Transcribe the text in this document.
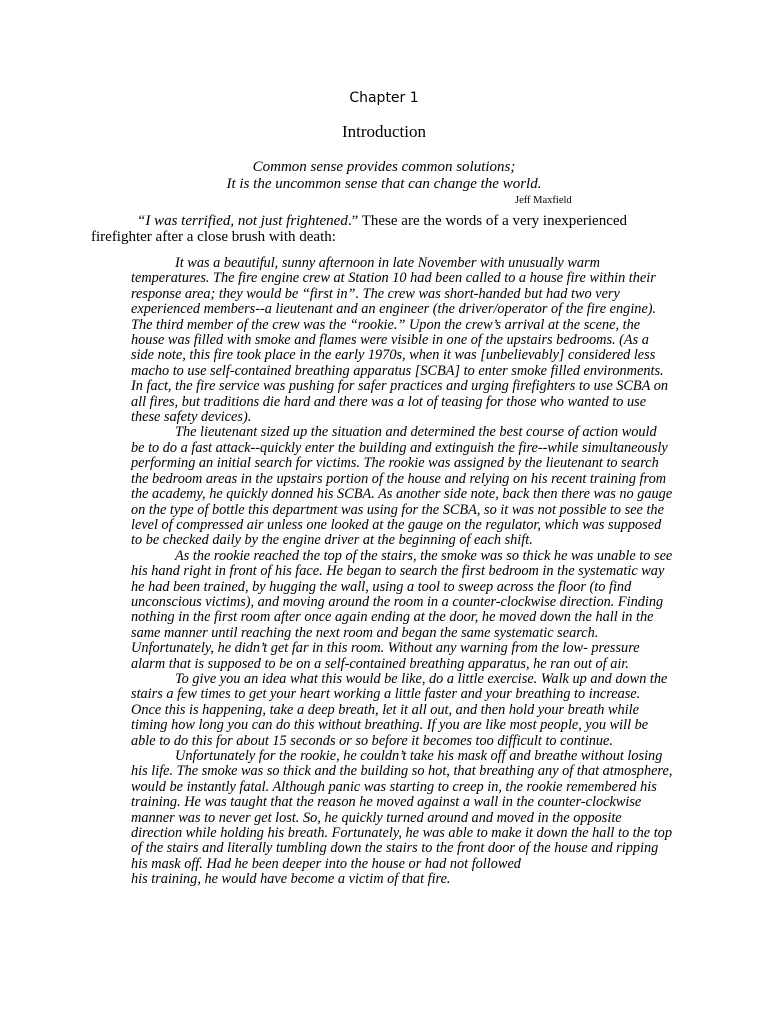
Chapter 1
Introduction
Common sense provides common solutions;
It is the uncommon sense that can change the world.
Jeff Maxfield
“I was terrified, not just frightened.” These are the words of a very inexperienced
firefighter after a close brush with death:

It was a beautiful, sunny afternoon in late November with unusually warm temperatures. The fire engine crew at Station 10 had been called to a house fire within their response area; they would be “first in”. The crew was short-handed but had two very experienced members--a lieutenant and an engineer (the driver/operator of the fire engine). The third member of the crew was the “rookie.” Upon the crew’s arrival at the scene, the house was filled with smoke and flames were visible in one of the upstairs bedrooms. (As a side note, this fire took place in the early 1970s, when it was [unbelievably] considered less macho to use self-contained breathing apparatus [SCBA] to enter smoke filled environments. In fact, the fire service was pushing for safer practices and urging firefighters to use SCBA on all fires, but traditions die hard and there was a lot of teasing for those who wanted to use these safety devices).

The lieutenant sized up the situation and determined the best course of action would be to do a fast attack--quickly enter the building and extinguish the fire--while simultaneously performing an initial search for victims. The rookie was assigned by the lieutenant to search the bedroom areas in the upstairs portion of the house and relying on his recent training from the academy, he quickly donned his SCBA. As another side note, back then there was no gauge on the type of bottle this department was using for the SCBA, so it was not possible to see the level of compressed air unless one looked at the gauge on the regulator, which was supposed to be checked daily by the engine driver at the beginning of each shift.

As the rookie reached the top of the stairs, the smoke was so thick he was unable to see his hand right in front of his face. He began to search the first bedroom in the systematic way he had been trained, by hugging the wall, using a tool to sweep across the floor (to find unconscious victims), and moving around the room in a counter-clockwise direction. Finding nothing in the first room after once again ending at the door, he moved down the hall in the same manner until reaching the next room and began the same systematic search. Unfortunately, he didn’t get far in this room. Without any warning from the low- pressure alarm that is supposed to be on a self-contained breathing apparatus, he ran out of air.

To give you an idea what this would be like, do a little exercise. Walk up and down the stairs a few times to get your heart working a little faster and your breathing to increase. Once this is happening, take a deep breath, let it all out, and then hold your breath while timing how long you can do this without breathing. If you are like most people, you will be able to do this for about 15 seconds or so before it becomes too difficult to continue.

Unfortunately for the rookie, he couldn’t take his mask off and breathe without losing his life. The smoke was so thick and the building so hot, that breathing any of that atmosphere, would be instantly fatal. Although panic was starting to creep in, the rookie remembered his training. He was taught that the reason he moved against a wall in the counter-clockwise manner was to never get lost. So, he quickly turned around and moved in the opposite direction while holding his breath. Fortunately, he was able to make it down the hall to the top of the stairs and literally tumbling down the stairs to the front door of the house and ripping his mask off. Had he been deeper into the house or had not followed

his training, he would have become a victim of that fire.
